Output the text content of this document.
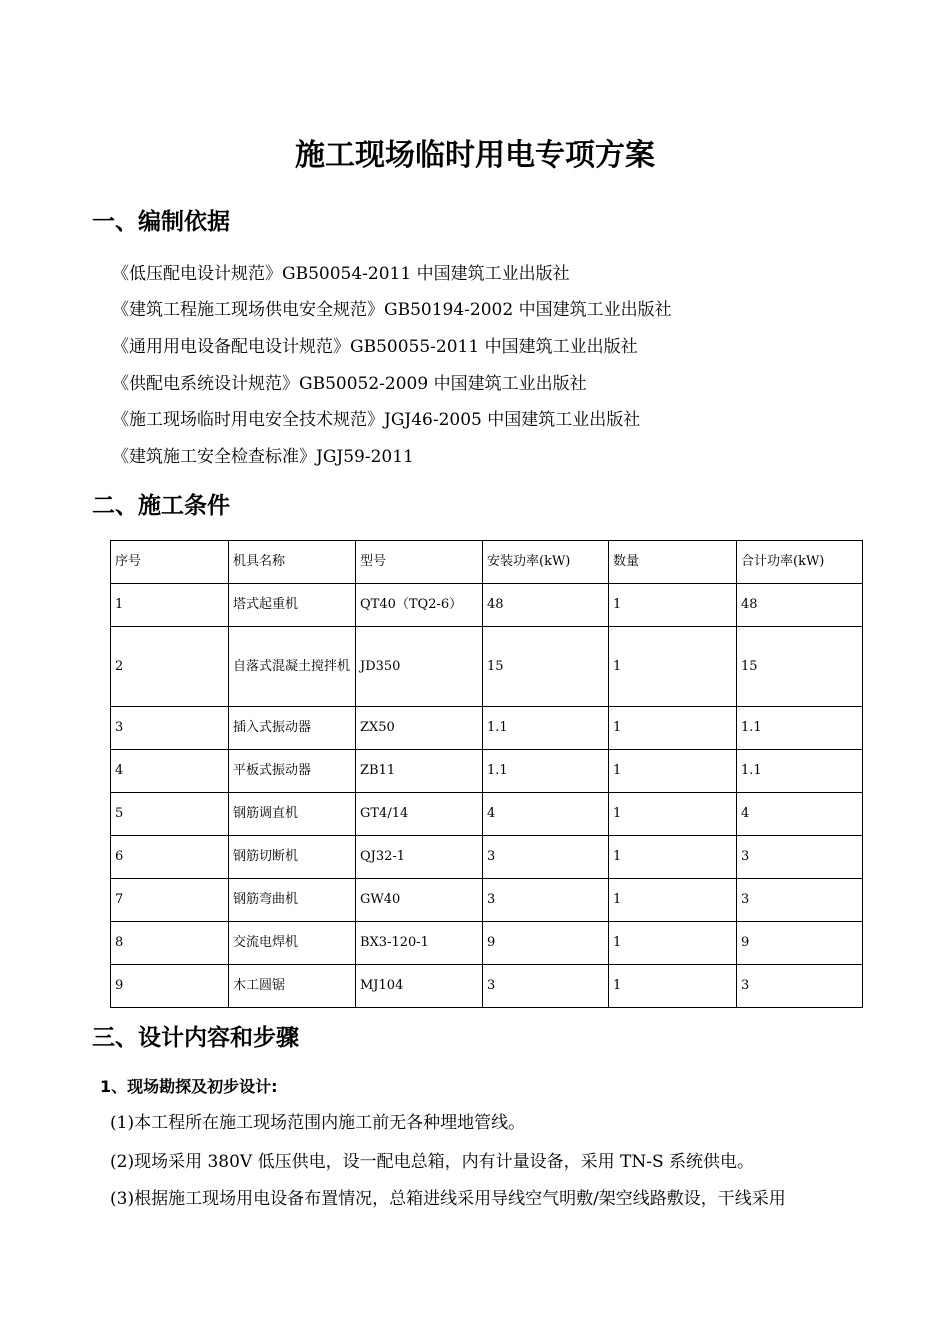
施工现场临时用电专项方案
一、编制依据
《低压配电设计规范》GB50054-2011 中国建筑工业出版社
《建筑工程施工现场供电安全规范》GB50194-2002 中国建筑工业出版社
《通用用电设备配电设计规范》GB50055-2011 中国建筑工业出版社
《供配电系统设计规范》GB50052-2009 中国建筑工业出版社
《施工现场临时用电安全技术规范》JGJ46-2005 中国建筑工业出版社
《建筑施工安全检查标准》JGJ59-2011
二、施工条件
序号	机具名称	型号	安装功率(kW)	数量	合计功率(kW)
1	塔式起重机	QT40（TQ2-6）	48	1	48
2	自落式混凝土搅拌机	JD350	15	1	15
3	插入式振动器	ZX50	1.1	1	1.1
4	平板式振动器	ZB11	1.1	1	1.1
5	钢筋调直机	GT4/14	4	1	4
6	钢筋切断机	QJ32-1	3	1	3
7	钢筋弯曲机	GW40	3	1	3
8	交流电焊机	BX3-120-1	9	1	9
9	木工圆锯	MJ104	3	1	3
三、设计内容和步骤
1、现场勘探及初步设计:
(1)本工程所在施工现场范围内施工前无各种埋地管线。
(2)现场采用 380V 低压供电，设一配电总箱，内有计量设备，采用 TN-S 系统供电。
(3)根据施工现场用电设备布置情况，总箱进线采用导线空气明敷/架空线路敷设，干线采用
